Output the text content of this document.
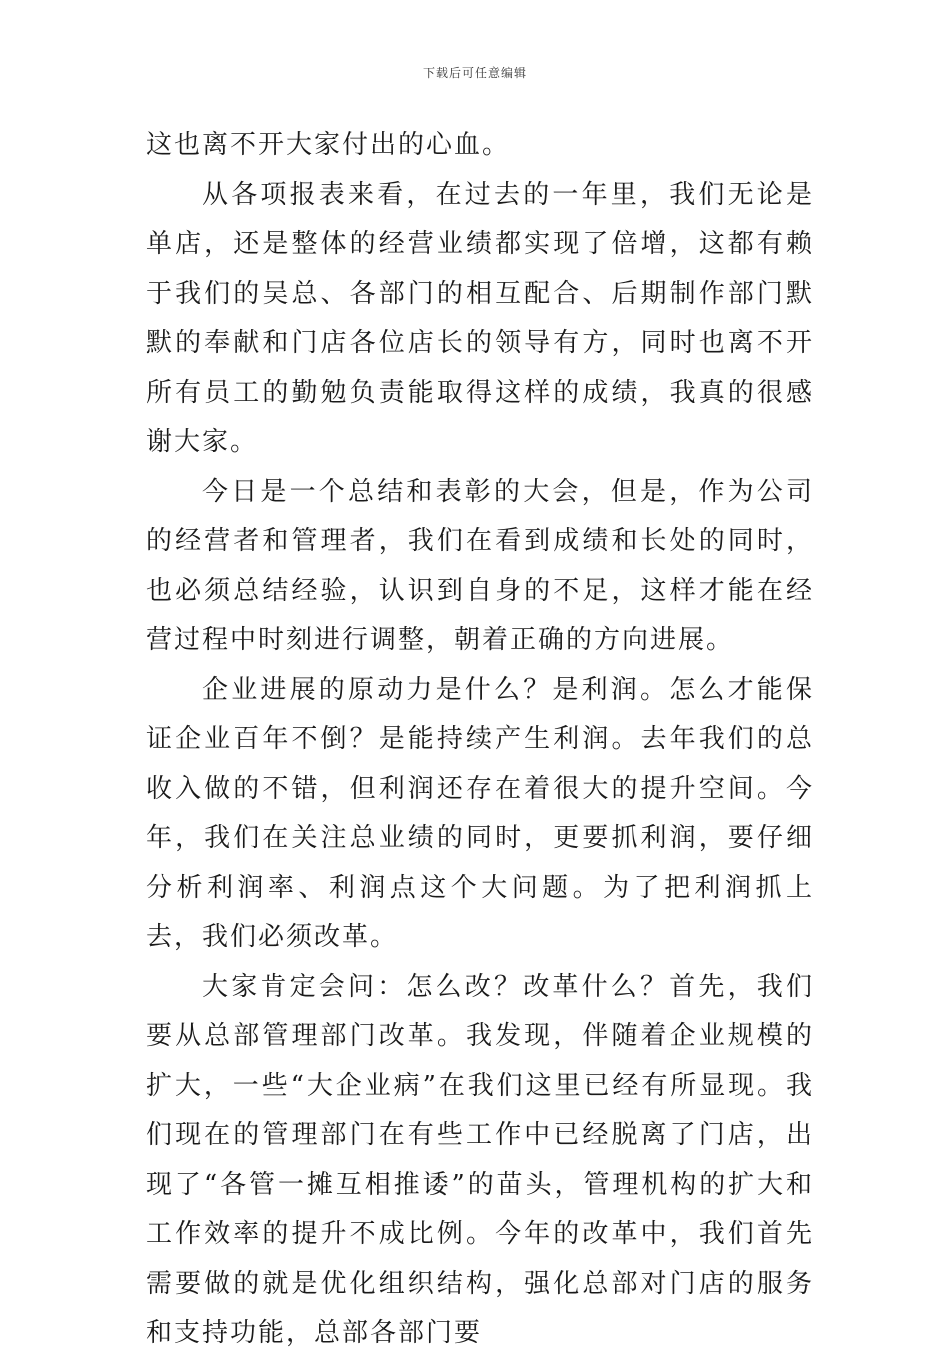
下载后可任意编辑

这也离不开大家付出的心血。

从各项报表来看，在过去的一年里，我们无论是单店，还是整体的经营业绩都实现了倍增，这都有赖于我们的吴总、各部门的相互配合、后期制作部门默默的奉献和门店各位店长的领导有方，同时也离不开所有员工的勤勉负责能取得这样的成绩，我真的很感谢大家。

今日是一个总结和表彰的大会，但是，作为公司的经营者和管理者，我们在看到成绩和长处的同时，也必须总结经验，认识到自身的不足，这样才能在经营过程中时刻进行调整，朝着正确的方向进展。

企业进展的原动力是什么？是利润。怎么才能保证企业百年不倒？是能持续产生利润。去年我们的总收入做的不错，但利润还存在着很大的提升空间。今年，我们在关注总业绩的同时，更要抓利润，要仔细分析利润率、利润点这个大问题。为了把利润抓上去，我们必须改革。

大家肯定会问：怎么改？改革什么？首先，我们要从总部管理部门改革。我发现，伴随着企业规模的扩大，一些“大企业病”在我们这里已经有所显现。我们现在的管理部门在有些工作中已经脱离了门店，出现了“各管一摊互相推诿”的苗头，管理机构的扩大和工作效率的提升不成比例。今年的改革中，我们首先需要做的就是优化组织结构，强化总部对门店的服务和支持功能，总部各部门要
